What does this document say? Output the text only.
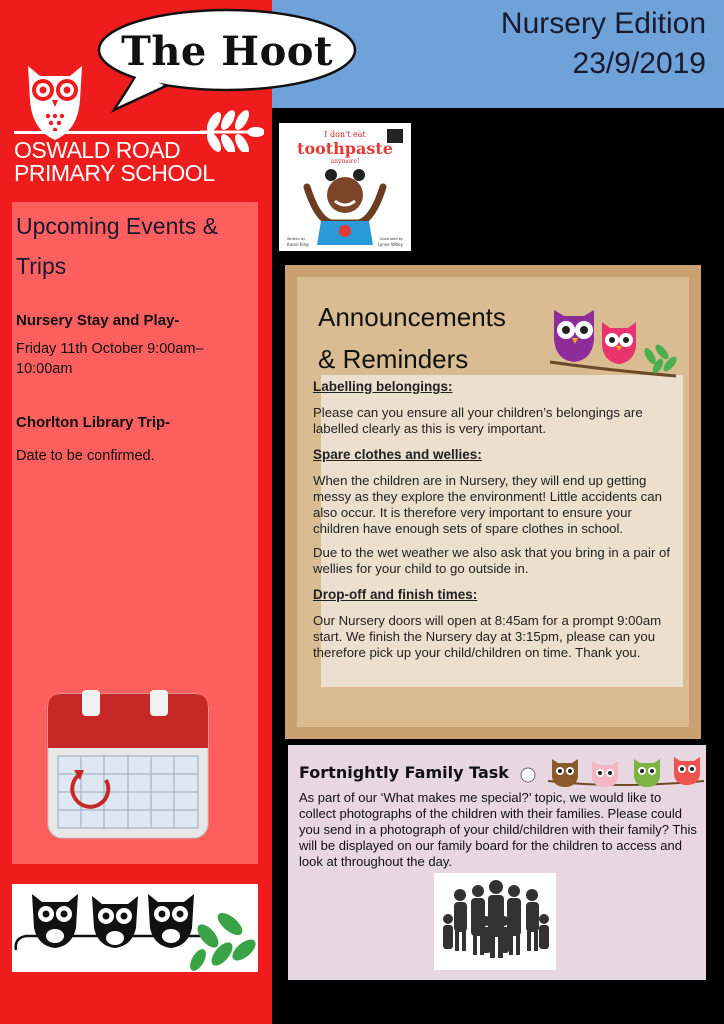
The Hoot
Nursery Edition
23/9/2019
OSWALD ROAD
PRIMARY SCHOOL
Upcoming Events &
Trips
Nursery Stay and Play-
Friday 11th October 9:00am–
10:00am
Chorlton Library Trip-
Date to be confirmed.
I don't eat
toothpaste
anymore!
Written by
Karen King
Illustrated by
Lynne Willey
Announcements
& Reminders
Labelling belongings:

Please can you ensure all your children’s belongings are labelled clearly as this is very important.

Spare clothes and wellies:

When the children are in Nursery, they will end up getting messy as they explore the environment! Little accidents can also occur. It is therefore very important to ensure your children have enough sets of spare clothes in school.

Due to the wet weather we also ask that you bring in a pair of wellies for your child to go outside in.

Drop-off and finish times:

Our Nursery doors will open at 8:45am for a prompt 9:00am start. We finish the Nursery day at 3:15pm, please can you therefore pick up your child/children on time. Thank you.

Fortnightly Family Task
As part of our ‘What makes me special?’ topic, we would like to collect photographs of the children with their families. Please could you send in a photograph of your child/children with their family? This will be displayed on our family board for the children to access and look at throughout the day.
